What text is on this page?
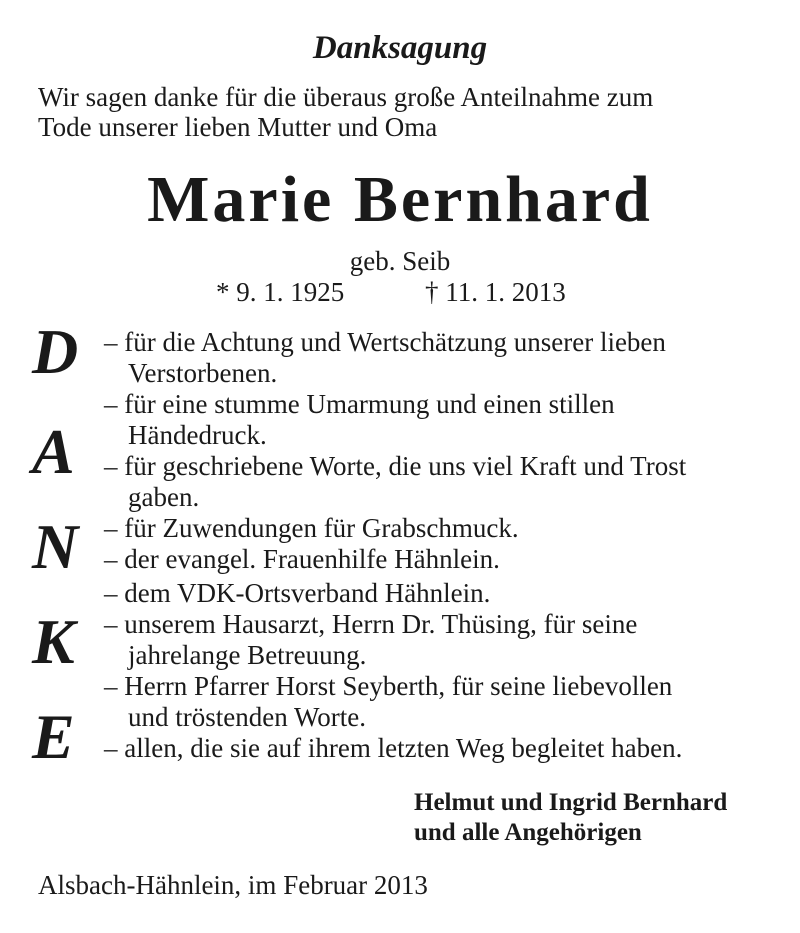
Danksagung
Wir sagen danke für die überaus große Anteilnahme zum
Tode unserer lieben Mutter und Oma
Marie Bernhard
geb. Seib
* 9. 1. 1925	† 11. 1. 2013
D
A
N
K
E
– für die Achtung und Wertschätzung unserer lieben
Verstorbenen.
– für eine stumme Umarmung und einen stillen
Händedruck.
– für geschriebene Worte, die uns viel Kraft und Trost
gaben.
– für Zuwendungen für Grabschmuck.
– der evangel. Frauenhilfe Hähnlein.
– dem VDK-Ortsverband Hähnlein.
– unserem Hausarzt, Herrn Dr. Thüsing, für seine
jahrelange Betreuung.
– Herrn Pfarrer Horst Seyberth, für seine liebevollen
und tröstenden Worte.
– allen, die sie auf ihrem letzten Weg begleitet haben.
Helmut und Ingrid Bernhard
und alle Angehörigen
Alsbach-Hähnlein, im Februar 2013
